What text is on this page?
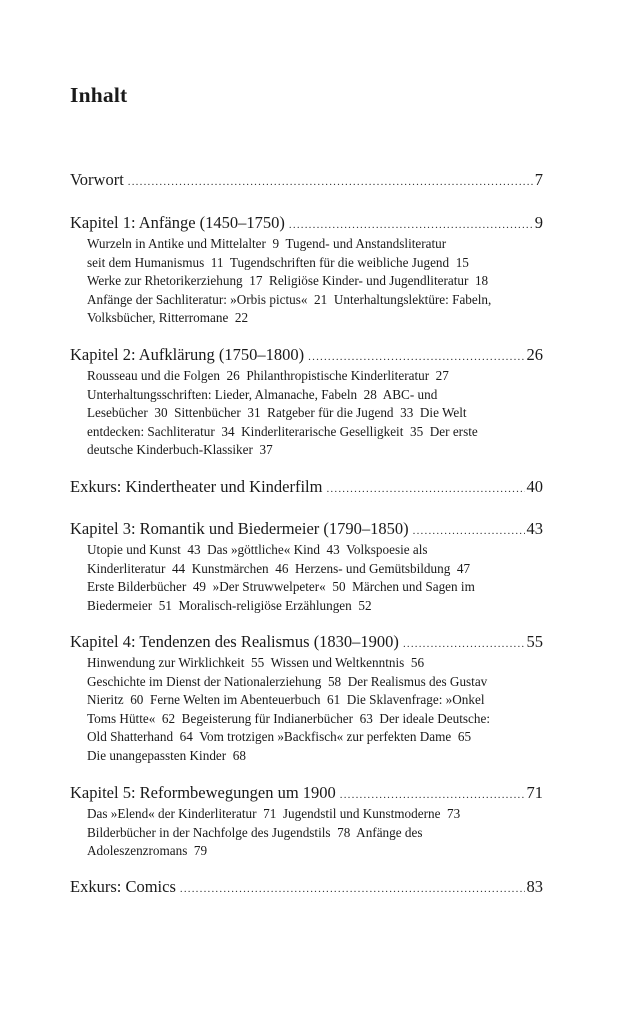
Inhalt
Vorwort .....	7
Kapitel 1: Anfänge (1450–1750) .....	9
Wurzeln in Antike und Mittelalter  9  Tugend- und Anstandsliteratur
seit dem Humanismus  11  Tugendschriften für die weibliche Jugend  15
Werke zur Rhetorikerziehung  17  Religiöse Kinder- und Jugendliteratur  18
Anfänge der Sachliteratur: »Orbis pictus«  21  Unterhaltungslektüre: Fabeln,
Volksbücher, Ritterromane  22
Kapitel 2: Aufklärung (1750–1800) .....	26
Rousseau und die Folgen  26  Philanthropistische Kinderliteratur  27
Unterhaltungsschriften: Lieder, Almanache, Fabeln  28  ABC- und
Lesebücher  30  Sittenbücher  31  Ratgeber für die Jugend  33  Die Welt
entdecken: Sachliteratur  34  Kinderliterarische Geselligkeit  35  Der erste
deutsche Kinderbuch-Klassiker  37
Exkurs: Kindertheater und Kinderfilm .....	40
Kapitel 3: Romantik und Biedermeier (1790–1850) .....	43
Utopie und Kunst  43  Das »göttliche« Kind  43  Volkspoesie als
Kinderliteratur  44  Kunstmärchen  46  Herzens- und Gemütsbildung  47
Erste Bilderbücher  49  »Der Struwwelpeter«  50  Märchen und Sagen im
Biedermeier  51  Moralisch-religiöse Erzählungen  52
Kapitel 4: Tendenzen des Realismus (1830–1900) .....	55
Hinwendung zur Wirklichkeit  55  Wissen und Weltkenntnis  56
Geschichte im Dienst der Nationalerziehung  58  Der Realismus des Gustav
Nieritz  60  Ferne Welten im Abenteuerbuch  61  Die Sklavenfrage: »Onkel
Toms Hütte«  62  Begeisterung für Indianerbücher  63  Der ideale Deutsche:
Old Shatterhand  64  Vom trotzigen »Backfisch« zur perfekten Dame  65
Die unangepassten Kinder  68
Kapitel 5: Reformbewegungen um 1900 .....	71
Das »Elend« der Kinderliteratur  71  Jugendstil und Kunstmoderne  73
Bilderbücher in der Nachfolge des Jugendstils  78  Anfänge des
Adoleszenzromans  79
Exkurs: Comics .....	83
